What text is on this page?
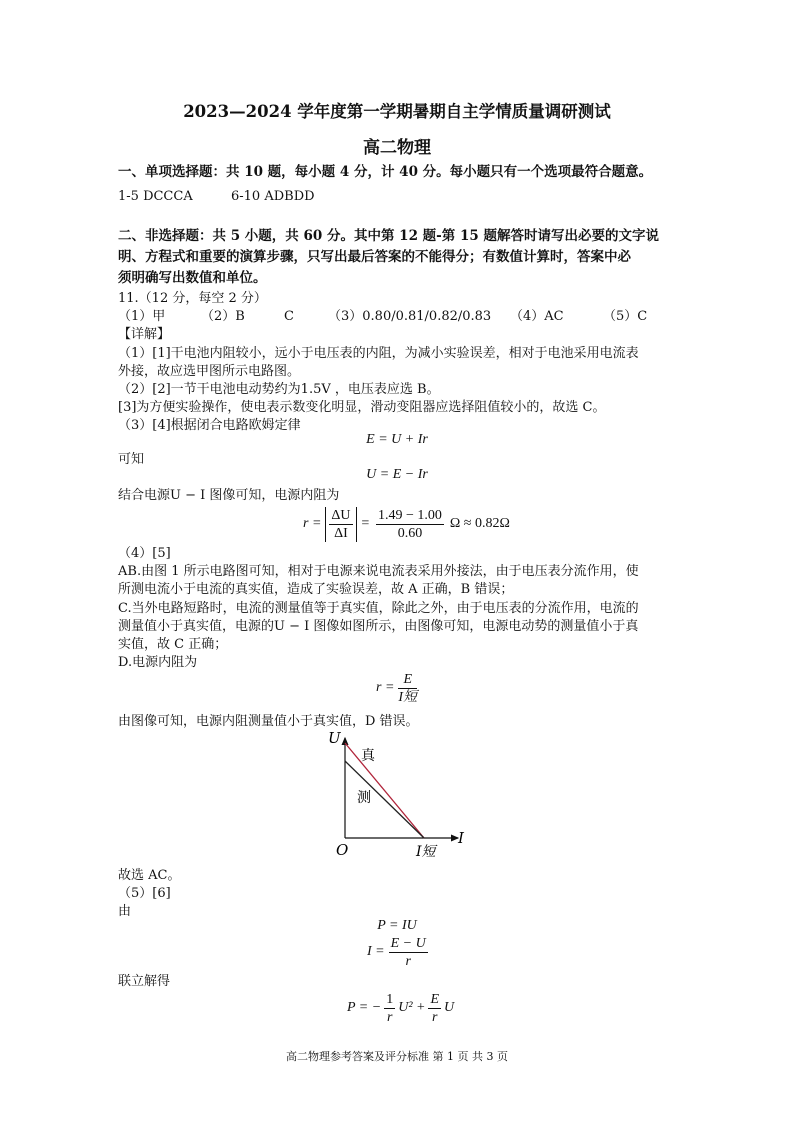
2023—2024 学年度第一学期暑期自主学情质量调研测试
高二物理
一、单项选择题：共 10 题，每小题 4 分，计 40 分。每小题只有一个选项最符合题意。
1-5 DCCCA	6-10 ADBDD
二、非选择题：共 5 小题，共 60 分。其中第 12 题-第 15 题解答时请写出必要的文字说
明、方程式和重要的演算步骤，只写出最后答案的不能得分；有数值计算时，答案中必
须明确写出数值和单位。
11.（12 分，每空 2 分）
（1）甲	（2）B	C	（3）0.80/0.81/0.82/0.83 （4）AC	（5）C
【详解】
（1）[1]干电池内阻较小，远小于电压表的内阻，为减小实验误差，相对于电池采用电流表
外接，故应选甲图所示电路图。
（2）[2]一节干电池电动势约为1.5V ，电压表应选 B。
[3]为方便实验操作，使电表示数变化明显，滑动变阻器应选择阻值较小的，故选 C。
（3）[4]根据闭合电路欧姆定律
E = U + Ir
可知
U = E − Ir
结合电源U − I 图像可知，电源内阻为
$r = \frac{\Delta U}{\Delta I} = \frac{1.49 - 1.00}{0.60}$ Ω ≈ 0.82Ω
（4）[5]
AB.由图 1 所示电路图可知，相对于电源来说电流表采用外接法，由于电压表分流作用，使
所测电流小于电流的真实值，造成了实验误差，故 A 正确，B 错误；
C.当外电路短路时，电流的测量值等于真实值，除此之外，由于电压表的分流作用，电流的
测量值小于真实值，电源的U − I 图像如图所示，由图像可知，电源电动势的测量值小于真
实值，故 C 正确；
D.电源内阻为
$r = \frac{E}{\text{I短}}$
由图像可知，电源内阻测量值小于真实值，D 错误。
U
I
O
真
测
I短
故选 AC。
（5）[6]
由
P = IU
$I = \frac{E - U}{r}$
联立解得
P = − $\frac{1}{r} U^2 + \frac{E}{r}$ U
高二物理参考答案及评分标准 第 1 页 共 3 页
